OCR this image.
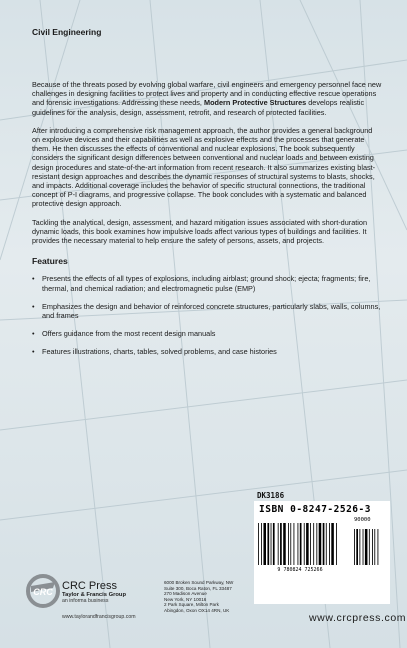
Civil Engineering

Because of the threats posed by evolving global warfare, civil engineers and emergency personnel face new challenges in designing facilities to protect lives and property and in conducting effective rescue operations and forensic investigations. Addressing these needs, Modern Protective Structures develops realistic guidelines for the analysis, design, assessment, retrofit, and research of protected facilities.

After introducing a comprehensive risk management approach, the author provides a general background on explosive devices and their capabilities as well as explosive effects and the processes that generate them. He then discusses the effects of conventional and nuclear explosions. The book subsequently considers the significant design differences between conventional and nuclear loads and between existing design procedures and state-of-the-art information from recent research. It also summarizes existing blast-resistant design approaches and describes the dynamic responses of structural systems to blasts, shocks, and impacts. Additional coverage includes the behavior of specific structural connections, the traditional concept of P-I diagrams, and progressive collapse. The book concludes with a systematic and balanced protective design approach.

Tackling the analytical, design, assessment, and hazard mitigation issues associated with short-duration dynamic loads, this book examines how impulsive loads affect various types of buildings and facilities. It provides the necessary material to help ensure the safety of persons, assets, and projects.

Features
•	Presents the effects of all types of explosions, including airblast; ground shock; ejecta; fragments; fire, thermal, and chemical radiation; and electromagnetic pulse (EMP)
•	Emphasizes the design and behavior of reinforced concrete structures, particularly slabs, walls, columns, and frames
•	Offers guidance from the most recent design manuals
•	Features illustrations, charts, tables, solved problems, and case histories
DK3186
ISBN 0-8247-2526-3
90000
9 780824 725266
CRC CRC Press
Taylor & Francis Group
an informa business
www.taylorandfrancisgroup.com
6000 Broken Sound Parkway, NW
Suite 300, Boca Raton, FL 33487
270 Madison Avenue
New York, NY 10016
2 Park Square, Milton Park
Abingdon, Oxon OX14 4RN, UK
www.crcpress.com
